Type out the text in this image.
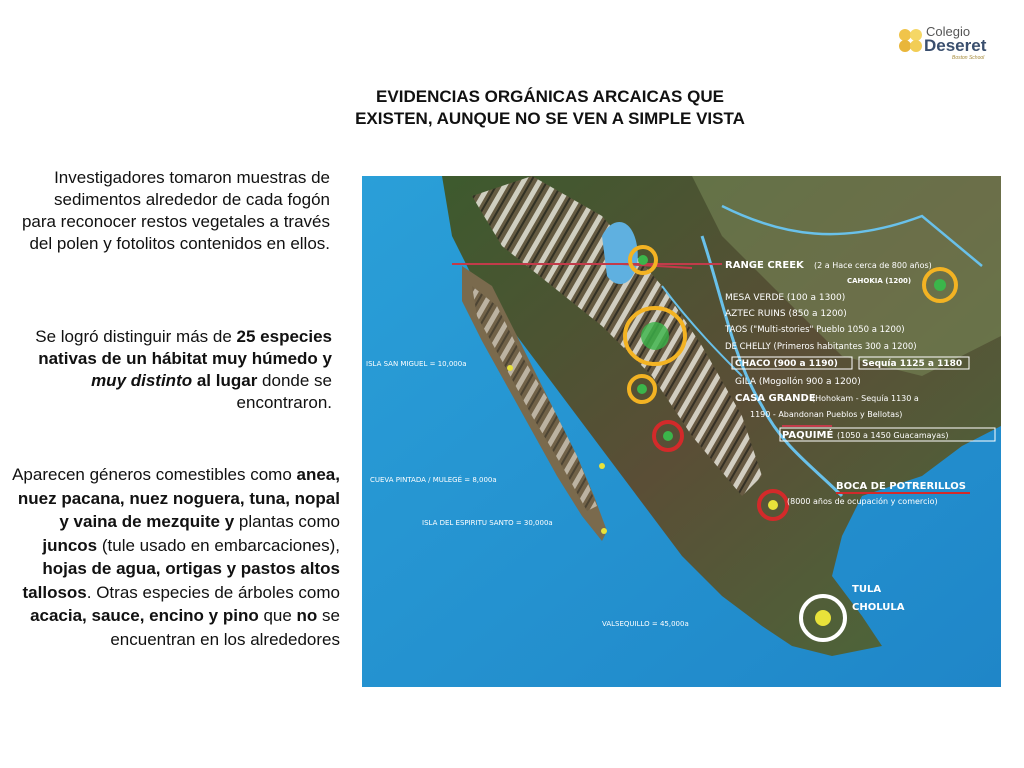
Colegio
Deseret
Boston School
EVIDENCIAS ORGÁNICAS ARCAICAS QUE
EXISTEN, AUNQUE NO SE VEN A SIMPLE VISTA
Investigadores tomaron muestras de sedimentos alrededor de cada fogón para reconocer restos vegetales a través del polen y fotolitos contenidos en ellos.
Se logró distinguir más de 25 especies nativas de un hábitat muy húmedo y muy distinto al lugar donde se encontraron.
Aparecen géneros comestibles como anea, nuez pacana, nuez noguera, tuna, nopal y vaina de mezquite y plantas como juncos (tule usado en embarcaciones), hojas de agua, ortigas y pastos altos tallosos. Otras especies de árboles como acacia, sauce, encino y pino que no se encuentran en los alrededores
RANGE CREEK (2 a Hace cerca de 800 años)
CAHOKIA (1200)
MESA VERDE (100 a 1300)
AZTEC RUINS (850 a 1200)
TAOS ("Multi-stories" Pueblo 1050 a 1200)
DE CHELLY (Primeros habitantes 300 a 1200)
CHACO (900 a 1190)	Sequía 1125 a 1180
GILA (Mogollón 900 a 1200)
CASA GRANDE
(Hohokam - Sequía 1130 a
1190 - Abandonan Pueblos y Bellotas)
PAQUIMÉ (1050 a 1450 Guacamayas)
ISLA SAN MIGUEL = 10,000a
CUEVA PINTADA / MULEGÉ = 8,000a
BOCA DE POTRERILLOS
(8000 años de ocupación y comercio)
ISLA DEL ESPIRITU SANTO = 30,000a
TULA
CHOLULA
VALSEQUILLO = 45,000a
